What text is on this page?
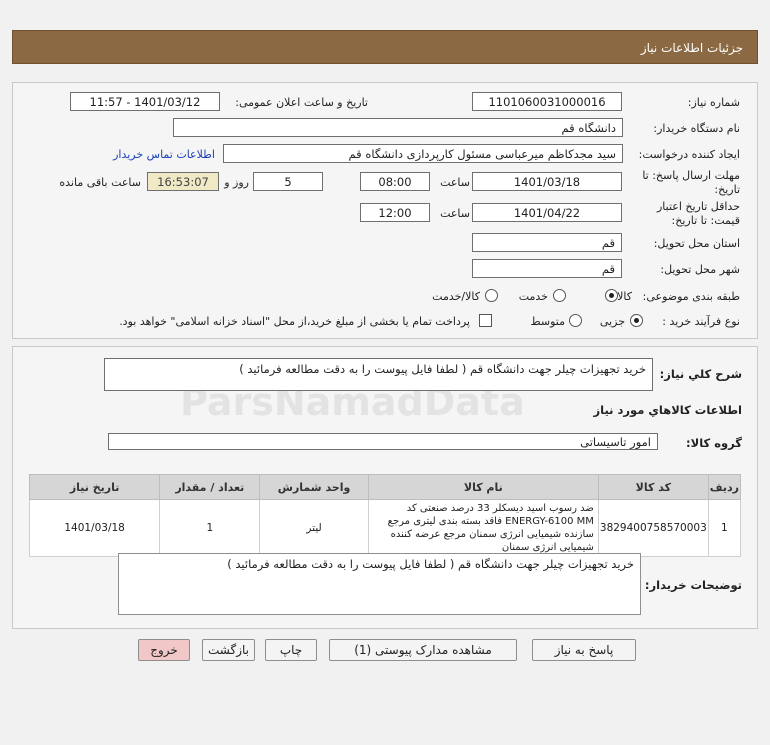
جزئیات اطلاعات نیاز
شماره نیاز:
1101060031000016
تاریخ و ساعت اعلان عمومی:
1401/03/12 - 11:57
نام دستگاه خریدار:
دانشگاه قم
ایجاد کننده درخواست:
سید مجدکاظم میرعباسی مسئول کارپردازی دانشگاه قم
اطلاعات تماس خریدار
مهلت ارسال پاسخ: تا تاریخ:
1401/03/18
ساعت
08:00
5
روز و
16:53:07
ساعت باقی مانده
حداقل تاریخ اعتبار قیمت: تا تاریخ:
1401/04/22
ساعت
12:00
استان محل تحویل:
قم
شهر محل تحویل:
قم
طبقه بندی موضوعی:
کالا
خدمت
کالا/خدمت
نوع فرآیند خرید :
جزیی
متوسط
پرداخت تمام یا بخشی از مبلغ خرید،از محل "اسناد خزانه اسلامی" خواهد بود.
شرح کلي نياز:
خرید تجهیزات چیلر جهت دانشگاه قم ( لطفا فایل پیوست را به دقت مطالعه فرمائید )
اطلاعات کالاهاي مورد نياز
گروه کالا:
امور تاسیساتی
ردیف	کد کالا	نام کالا	واحد شمارش	تعداد / مقدار	تاریخ نیاز
1	3829400758570003	ضد رسوب اسید دیسکلر 33 درصد صنعتی کد ENERGY-6100 MM فاقد بسته بندی لیتری مرجع سازنده شیمیایی انرژی سمنان مرجع عرضه کننده شیمیایی انرژی سمنان	لیتر	1	1401/03/18
توضیحات خریدار:
خرید تجهیزات چیلر جهت دانشگاه قم ( لطفا فایل پیوست را به دقت مطالعه فرمائید )
پاسخ به نیاز
مشاهده مدارک پیوستی (1)
چاپ
بازگشت
خروج
